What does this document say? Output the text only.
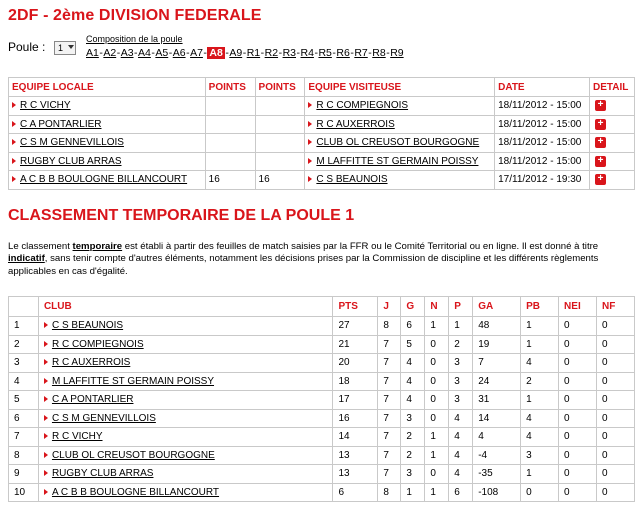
2DF - 2ème DIVISION FEDERALE
Poule : 1
Composition de la poule
A1 - A2 - A3 - A4 - A5 - A6 - A7 - A8 - A9 - R1 - R2 - R3 - R4 - R5 - R6 - R7 - R8 - R9
EQUIPE LOCALE	POINTS	POINTS	EQUIPE VISITEUSE	DATE	DETAIL
R C VICHY			R C COMPIEGNOIS	18/11/2012 - 15:00	+
C A PONTARLIER			R C AUXERROIS	18/11/2012 - 15:00	+
C S M GENNEVILLOIS			CLUB OL CREUSOT BOURGOGNE	18/11/2012 - 15:00	+
RUGBY CLUB ARRAS			M LAFFITTE ST GERMAIN POISSY	18/11/2012 - 15:00	+
A C B B BOULOGNE BILLANCOURT	16	16	C S BEAUNOIS	17/11/2012 - 19:30	+
CLASSEMENT TEMPORAIRE DE LA POULE 1
Le classement temporaire est établi à partir des feuilles de match saisies par la FFR ou le Comité Territorial ou en ligne. Il est donné à titre indicatif, sans tenir compte d'autres éléments, notamment les décisions prises par la Commission de discipline et les différents règlements applicables en cas d'égalité.
	CLUB	PTS	J	G	N	P	GA	PB	NEI	NF
1	C S BEAUNOIS	27	8	6	1	1	48	1	0	0
2	R C COMPIEGNOIS	21	7	5	0	2	19	1	0	0
3	R C AUXERROIS	20	7	4	0	3	7	4	0	0
4	M LAFFITTE ST GERMAIN POISSY	18	7	4	0	3	24	2	0	0
5	C A PONTARLIER	17	7	4	0	3	31	1	0	0
6	C S M GENNEVILLOIS	16	7	3	0	4	14	4	0	0
7	R C VICHY	14	7	2	1	4	4	4	0	0
8	CLUB OL CREUSOT BOURGOGNE	13	7	2	1	4	-4	3	0	0
9	RUGBY CLUB ARRAS	13	7	3	0	4	-35	1	0	0
10	A C B B BOULOGNE BILLANCOURT	6	8	1	1	6	-108	0	0	0
